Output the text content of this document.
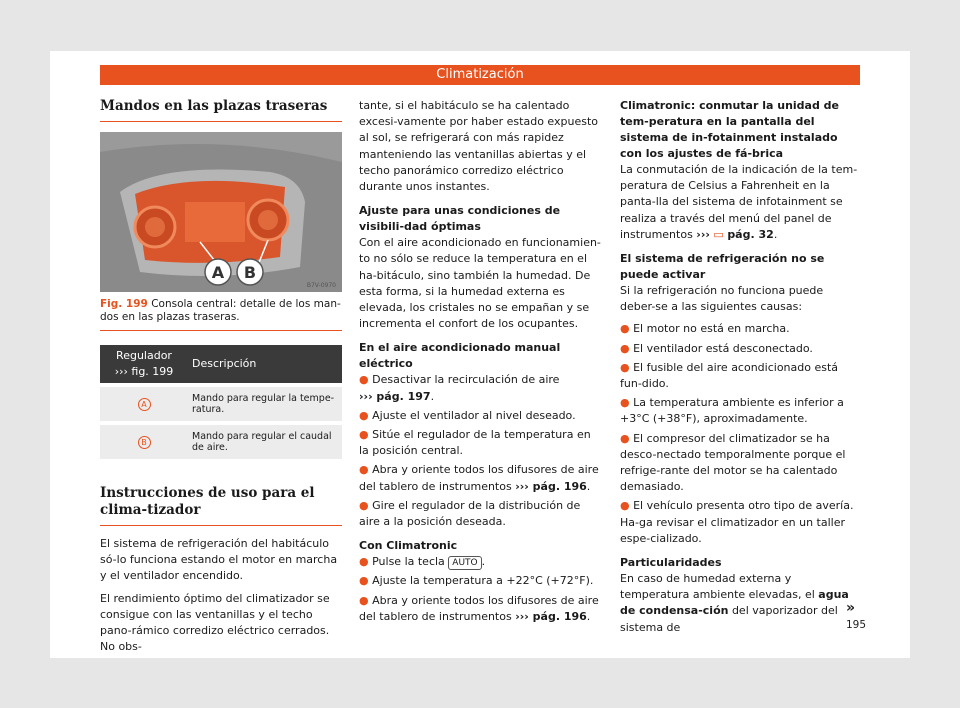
Climatización
Mandos en las plazas traseras
A B
B7V-0970
Fig. 199 Consola central: detalle de los man-dos en las plazas traseras.
Regulador
››› fig. 199	Descripción
A	Mando para regular la tempe-ratura.
B	Mando para regular el caudal de aire.
Instrucciones de uso para el clima-tizador

El sistema de refrigeración del habitáculo só-lo funciona estando el motor en marcha y el ventilador encendido.

El rendimiento óptimo del climatizador se consigue con las ventanillas y el techo pano-rámico corredizo eléctrico cerrados. No obs-

tante, si el habitáculo se ha calentado excesi-vamente por haber estado expuesto al sol, se refrigerará con más rapidez manteniendo las ventanillas abiertas y el techo panorámico corredizo eléctrico durante unos instantes.

Ajuste para unas condiciones de visibili-dad óptimas

Con el aire acondicionado en funcionamien-to no sólo se reduce la temperatura en el ha-bitáculo, sino también la humedad. De esta forma, si la humedad externa es elevada, los cristales no se empañan y se incrementa el confort de los ocupantes.

En el aire acondicionado manual eléctrico
● Desactivar la recirculación de aire
››› pág. 197.
● Ajuste el ventilador al nivel deseado.
● Sitúe el regulador de la temperatura en la posición central.
● Abra y oriente todos los difusores de aire del tablero de instrumentos ››› pág. 196.
● Gire el regulador de la distribución de aire a la posición deseada.
Con Climatronic
● Pulse la tecla AUTO .
● Ajuste la temperatura a +22°C (+72°F).
● Abra y oriente todos los difusores de aire del tablero de instrumentos ››› pág. 196.
Climatronic: conmutar la unidad de tem-peratura en la pantalla del sistema de in-fotainment instalado con los ajustes de fá-brica

La conmutación de la indicación de la tem-peratura de Celsius a Fahrenheit en la panta-lla del sistema de infotainment se realiza a través del menú del panel de instrumentos ››› ▭ pág. 32.

El sistema de refrigeración no se puede activar

Si la refrigeración no funciona puede deber-se a las siguientes causas:

● El motor no está en marcha.
● El ventilador está desconectado.
● El fusible del aire acondicionado está fun-dido.
● La temperatura ambiente es inferior a +3°C (+38°F), aproximadamente.
● El compresor del climatizador se ha desco-nectado temporalmente porque el refrige-rante del motor se ha calentado demasiado.
● El vehículo presenta otro tipo de avería. Ha-ga revisar el climatizador en un taller espe-cializado.
Particularidades

En caso de humedad externa y temperatura ambiente elevadas, el agua de condensa-ción del vaporizador del sistema de

»
195
